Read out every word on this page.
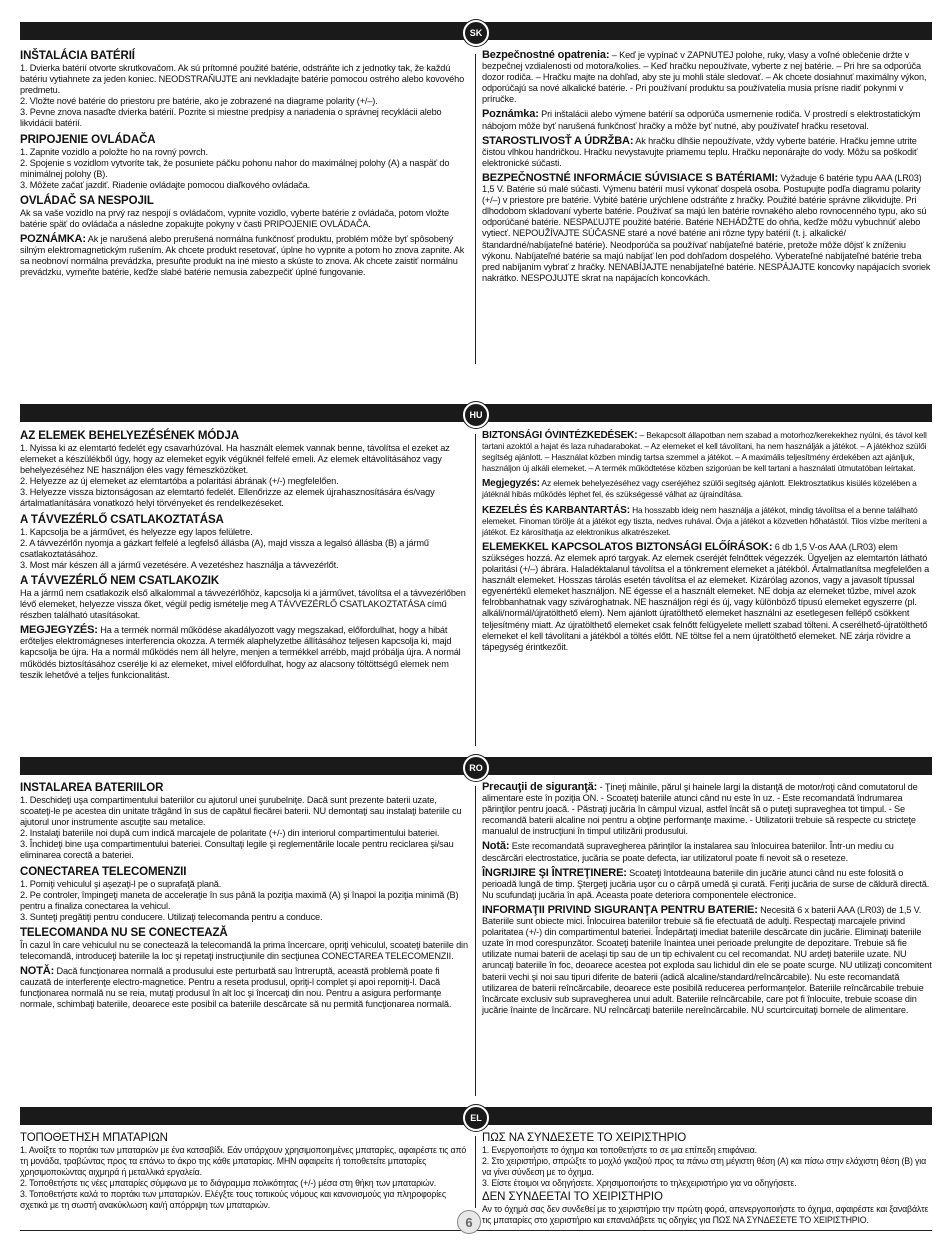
SK
INŠTALÁCIA BATÉRIÍ

1. Dvierka batérií otvorte skrutkovačom. Ak sú prítomné použité batérie, odstráňte ich z jednotky tak, že každú batériu vytiahnete za jeden koniec. NEODSTRAŇUJTE ani nevkladajte batérie pomocou ostrého alebo kovového predmetu.

2. Vložte nové batérie do priestoru pre batérie, ako je zobrazené na diagrame polarity (+/–).

3. Pevne znova nasaďte dvierka batérií. Pozrite si miestne predpisy a nariadenia o správnej recyklácii alebo likvidácii batérií.

PRIPOJENIE OVLÁDAČA

1. Zapnite vozidlo a položte ho na rovný povrch.

2. Spojenie s vozidlom vytvoríte tak, že posuniete páčku pohonu nahor do maximálnej polohy (A) a naspäť do minimálnej polohy (B).

3. Môžete začať jazdiť. Riadenie ovládajte pomocou diaľkového ovládača.

OVLÁDAČ SA NESPOJIL

Ak sa vaše vozidlo na prvý raz nespojí s ovládačom, vypnite vozidlo, vyberte batérie z ovládača, potom vložte batérie späť do ovládača a následne zopakujte pokyny v časti PRIPOJENIE OVLÁDAČA.

POZNÁMKA: Ak je narušená alebo prerušená normálna funkčnosť produktu, problém môže byť spôsobený silným elektromagnetickým rušením. Ak chcete produkt resetovať, úplne ho vypnite a potom ho znova zapnite. Ak sa neobnoví normálna prevádzka, presuňte produkt na iné miesto a skúste to znova. Ak chcete zaistiť normálnu prevádzku, vymeňte batérie, keďže slabé batérie nemusia zabezpečiť úplné fungovanie.

Bezpečnostné opatrenia: – Keď je vypínač v ZAPNUTEJ polohe, ruky, vlasy a voľné oblečenie držte v bezpečnej vzdialenosti od motora/kolies. – Keď hračku nepoužívate, vyberte z nej batérie. – Pri hre sa odporúča dozor rodiča. – Hračku majte na dohľad, aby ste ju mohli stále sledovať. – Ak chcete dosiahnuť maximálny výkon, odporúčajú sa nové alkalické batérie. - Pri používaní produktu sa používatelia musia prísne riadiť pokynmi v príručke.

Poznámka: Pri inštalácii alebo výmene batérií sa odporúča usmernenie rodiča. V prostredí s elektrostatickým nábojom môže byť narušená funkčnosť hračky a môže byť nutné, aby používateľ hračku resetoval.

STAROSTLIVOSŤ A ÚDRŽBA: Ak hračku dlhšie nepoužívate, vždy vyberte batérie. Hračku jemne utrite čistou vlhkou handričkou. Hračku nevystavujte priamemu teplu. Hračku neponárajte do vody. Môžu sa poškodiť elektronické súčasti.

BEZPEČNOSTNÉ INFORMÁCIE SÚVISIACE S BATÉRIAMI: Vyžaduje 6 batérie typu AAA (LR03) 1,5 V. Batérie sú malé súčasti. Výmenu batérií musí vykonať dospelá osoba. Postupujte podľa diagramu polarity (+/–) v priestore pre batérie. Vybité batérie urýchlene odstráňte z hračky. Použité batérie správne zlikvidujte. Pri dlhodobom skladovaní vyberte batérie. Používať sa majú len batérie rovnakého alebo rovnocenného typu, ako sú odporúčané batérie. NESPAĽUJTE použité batérie. Batérie NEHÁDŽTE do ohňa, keďže môžu vybuchnúť alebo vytiecť. NEPOUŽÍVAJTE SÚČASNE staré a nové batérie ani rôzne typy batérií (t. j. alkalické/štandardné/nabíjateľné batérie). Neodporúča sa používať nabíjateľné batérie, pretože môže dôjsť k zníženiu výkonu. Nabíjateľné batérie sa majú nabíjať len pod dohľadom dospelého. Vyberateľné nabíjateľné batérie treba pred nabíjaním vybrať z hračky. NENABÍJAJTE nenabíjateľné batérie. NESPÁJAJTE koncovky napájacích svoriek nakrátko. NESPOJUJTE skrat na napájacích koncovkách.

HU
AZ ELEMEK BEHELYEZÉSÉNEK MÓDJA

1. Nyissa ki az elemtartó fedelét egy csavarhúzóval. Ha használt elemek vannak benne, távolítsa el ezeket az elemeket a készülékből úgy, hogy az elemeket egyik végüknél felfelé emeli. Az elemek eltávolításához vagy behelyezéséhez NE használjon éles vagy fémeszközöket.

2. Helyezze az új elemeket az elemtartóba a polaritási ábrának (+/-) megfelelően.

3. Helyezze vissza biztonságosan az elemtartó fedelét. Ellenőrizze az elemek újrahasznosítására és/vagy ártalmatlanítására vonatkozó helyi törvényeket és rendelkezéseket.

A TÁVVEZÉRLŐ CSATLAKOZTATÁSA

1. Kapcsolja be a járművet, és helyezze egy lapos felületre.

2. A távvezérlőn nyomja a gázkart felfelé a legfelső állásba (A), majd vissza a legalsó állásba (B) a jármű csatlakoztatásához.

3. Most már készen áll a jármű vezetésére. A vezetéshez használja a távvezérlőt.

A TÁVVEZÉRLŐ NEM CSATLAKOZIK

Ha a jármű nem csatlakozik első alkalommal a távvezérlőhöz, kapcsolja ki a járművet, távolítsa el a távvezérlőben lévő elemeket, helyezze vissza őket, végül pedig ismételje meg A TÁVVEZÉRLŐ CSATLAKOZTATÁSA című részben található utasításokat.

MEGJEGYZÉS: Ha a termék normál működése akadályozott vagy megszakad, előfordulhat, hogy a hibát erőteljes elektromágneses interferencia okozza. A termék alaphelyzetbe állításához teljesen kapcsolja ki, majd kapcsolja be újra. Ha a normál működés nem áll helyre, menjen a termékkel arrébb, majd próbálja újra. A normál működés biztosításához cserélje ki az elemeket, mivel előfordulhat, hogy az alacsony töltöttségű elemek nem teszik lehetővé a teljes funkcionalitást.

BIZTONSÁGI ÓVINTÉZKEDÉSEK: – Bekapcsolt állapotban nem szabad a motorhoz/kerekekhez nyúlni, és távol kell tartani azoktól a hajat és laza ruhadarabokat. – Az elemeket el kell távolítani, ha nem használják a játékot. – A játékhoz szülői segítség ajánlott. – Használat közben mindig tartsa szemmel a játékot. – A maximális teljesítmény érdekében azt ajánljuk, használjon új alkáli elemeket. – A termék működtetése közben szigorúan be kell tartani a használati útmutatóban leírtakat.

Megjegyzés: Az elemek behelyezéséhez vagy cseréjéhez szülői segítség ajánlott. Elektrosztatikus kisülés közelében a játéknál hibás működés léphet fel, és szükségessé válhat az újraindítása.

KEZELÉS ÉS KARBANTARTÁS: Ha hosszabb ideig nem használja a játékot, mindig távolítsa el a benne található elemeket. Finoman törölje át a játékot egy tiszta, nedves ruhával. Óvja a játékot a közvetlen hőhatástól. Tilos vízbe meríteni a játékot. Ez károsíthatja az elektronikus alkatrészeket.

ELEMEKKEL KAPCSOLATOS BIZTONSÁGI ELŐÍRÁSOK: 6 db 1,5 V-os AAA (LR03) elem szükséges hozzá. Az elemek apró targyak. Az elemek cseréjét felnőttek végezzék. Ügyeljen az elemtartón látható polaritási (+/–) ábrára. Haladéktalanul távolítsa el a tönkrement elemeket a játékból. Ártalmatlanítsa megfelelően a használt elemeket. Hosszas tárolás esetén távolítsa el az elemeket. Kizárólag azonos, vagy a javasolt típussal egyenértékű elemeket használjon. NE égesse el a használt elemeket. NE dobja az elemeket tűzbe, mivel azok felrobbanhatnak vagy szivároghatnak. NE használjon régi és új, vagy különböző típusú elemeket egyszerre (pl. alkáli/normál/újratölthető elem). Nem ajánlott újratölthető elemeket használni az esetlegesen fellépő csökkent teljesítmény miatt. Az újratölthető elemeket csak felnőtt felügyelete mellett szabad tölteni. A cserélhető-újratölthető elemeket el kell távolítani a játékból a töltés előtt. NE töltse fel a nem újratölthető elemeket. NE zárja rövidre a tápegység érintkezőit.

RO
INSTALAREA BATERIILOR

1. Deschideţi uşa compartimentului bateriilor cu ajutorul unei şurubelniţe. Dacă sunt prezente baterii uzate, scoateţi-le pe acestea din unitate trăgând în sus de capătul fiecărei baterii. NU demontaţi sau instalaţi bateriile cu ajutorul unor instrumente ascuţite sau metalice.

2. Instalaţi bateriile noi după cum indică marcajele de polaritate (+/-) din interiorul compartimentului bateriei.

3. Închideţi bine uşa compartimentului bateriei. Consultaţi legile şi reglementările locale pentru reciclarea şi/sau eliminarea corectă a bateriei.

CONECTAREA TELECOMENZII

1. Porniţi vehiculul şi aşezaţi-l pe o suprafaţă plană.

2. Pe controler, împingeţi maneta de acceleraţie în sus până la poziţia maximă (A) şi înapoi la poziţia minimă (B) pentru a finaliza conectarea la vehicul.

3. Sunteţi pregătiţi pentru conducere. Utilizaţi telecomanda pentru a conduce.

TELECOMANDA NU SE CONECTEAZĂ

În cazul în care vehiculul nu se conectează la telecomandă la prima încercare, opriţi vehiculul, scoateţi bateriile din telecomandă, introduceţi bateriile la loc şi repetaţi instrucţiunile din secţiunea CONECTAREA TELECOMENZII.

NOTĂ: Dacă funcţionarea normală a produsului este perturbată sau întreruptă, această problemă poate fi cauzată de interferenţe electro-magnetice. Pentru a reseta produsul, opriţi-l complet şi apoi reporniţi-l. Dacă funcţionarea normală nu se reia, mutaţi produsul în alt loc şi încercaţi din nou. Pentru a asigura performanţe normale, schimbaţi bateriile, deoarece este posibil ca bateriile descărcate să nu permită funcţionarea normală.

Precauţii de siguranţă: - Ţineţi mâinile, părul şi hainele largi la distanţă de motor/roţi când comutatorul de alimentare este în poziţia ON. - Scoateţi bateriile atunci când nu este în uz. - Este recomandată îndrumarea părinţilor pentru joacă. - Păstraţi jucăria în câmpul vizual, astfel încât să o puteţi supraveghea tot timpul. - Se recomandă baterii alcaline noi pentru a obţine performanţe maxime. - Utilizatorii trebuie să respecte cu stricteţe manualul de instrucţiuni în timpul utilizării produsului.

Notă: Este recomandată supravegherea părinţilor la instalarea sau înlocuirea bateriilor. Într-un mediu cu descărcări electrostatice, jucăria se poate defecta, iar utilizatorul poate fi nevoit să o reseteze.

ÎNGRIJIRE ŞI ÎNTREŢINERE: Scoateţi întotdeauna bateriile din jucărie atunci când nu este folosită o perioadă lungă de timp. Ştergeţi jucăria uşor cu o cârpă umedă şi curată. Feriţi jucăria de surse de căldură directă. Nu scufundaţi jucăria în apă. Aceasta poate deteriora componentele electronice.

INFORMAŢII PRIVIND SIGURANŢA PENTRU BATERIE: Necesită 6 x baterii AAA (LR03) de 1,5 V. Bateriile sunt obiecte mici. Înlocuirea bateriilor trebuie să fie efectuată de adulţi. Respectaţi marcajele privind polaritatea (+/-) din compartimentul bateriei. Îndepărtaţi imediat bateriile descărcate din jucărie. Eliminaţi bateriile uzate în mod corespunzător. Scoateţi bateriile înaintea unei perioade prelungite de depozitare. Trebuie să fie utilizate numai baterii de acelaşi tip sau de un tip echivalent cu cel recomandat. NU ardeţi bateriile uzate. NU aruncaţi bateriile în foc, deoarece acestea pot exploda sau lichidul din ele se poate scurge. NU utilizaţi concomitent baterii vechi şi noi sau tipuri diferite de baterii (adică alcaline/standard/reîncărcabile). Nu este recomandată utilizarea de baterii reîncărcabile, deoarece este posibilă reducerea performanţelor. Bateriile reîncărcabile trebuie încărcate exclusiv sub supravegherea unui adult. Bateriile reîncărcabile, care pot fi înlocuite, trebuie scoase din jucărie înainte de încărcare. NU reîncărcaţi bateriile nereîncărcabile. NU scurtcircuitaţi bornele de alimentare.

EL
ΤΟΠΟΘΕΤΗΣΗ ΜΠΑΤΑΡΙΩΝ

1. Ανοίξτε το πορτάκι των μπαταριών με ένα κατσαβίδι. Εάν υπάρχουν χρησιμοποιημένες μπαταρίες, αφαιρέστε τις από τη μονάδα, τραβώντας προς τα επάνω το άκρο της κάθε μπαταρίας. ΜΗΝ αφαιρείτε ή τοποθετείτε μπαταρίες χρησιμοποιώντας αιχμηρά ή μεταλλικά εργαλεία.

2. Τοποθετήστε τις νέες μπαταρίες σύμφωνα με το διάγραμμα πολικότητας (+/-) μέσα στη θήκη των μπαταριών.

3. Τοποθετήστε καλά το πορτάκι των μπαταριών. Ελέγξτε τους τοπικούς νόμους και κανονισμούς για πληροφορίες σχετικά με τη σωστή ανακύκλωση και/ή απόρριψη των μπαταριών.

ΠΩΣ ΝΑ ΣΥΝΔΕΣΕΤΕ ΤΟ ΧΕΙΡΙΣΤΗΡΙΟ

1. Ενεργοποιήστε το όχημα και τοποθετήστε το σε μια επίπεδη επιφάνεια.

2. Στο χειριστήριο, σπρώξτε το μοχλό γκαζιού προς τα πάνω στη μέγιστη θέση (A) και πίσω στην ελάχιστη θέση (B) για να γίνει σύνδεση με το όχημα.

3. Είστε έτοιμοι να οδηγήσετε. Χρησιμοποιήστε το τηλεχειριστήριο για να οδηγήσετε.

ΔΕΝ ΣΥΝΔΕΕΤΑΙ ΤΟ ΧΕΙΡΙΣΤΗΡΙΟ

Αν το όχημά σας δεν συνδεθεί με το χειριστήριο την πρώτη φορά, απενεργοποιήστε το όχημα, αφαιρέστε και ξαναβάλτε τις μπαταρίες στο χειριστήριο και επαναλάβετε τις οδηγίες για ΠΩΣ ΝΑ ΣΥΝΔΕΣΕΤΕ ΤΟ ΧΕΙΡΙΣΤΗΡΙΟ.

6
